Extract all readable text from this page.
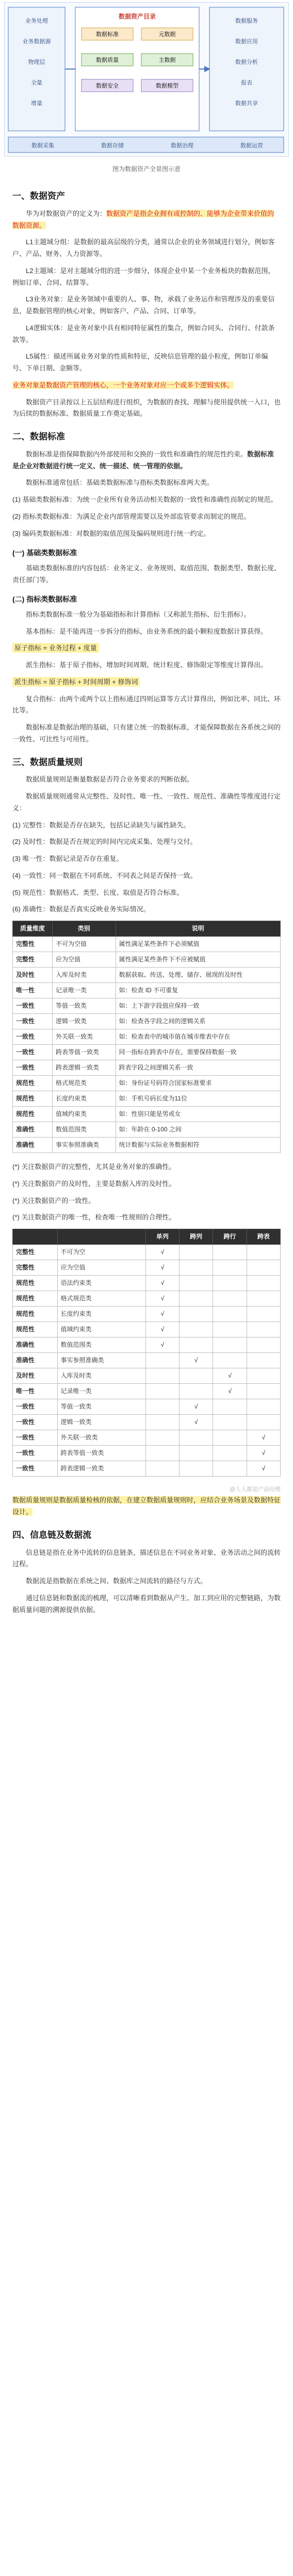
业务处理
业务数据源
物理层
全量
增量
数据资产目录
数据标准	元数据
数据质量	主数据
数据安全	数据模型
数据服务
数据应用
数据分析
报表
数据共享
数据采集	数据存储	数据治理	数据运营
图为数据资产全景图示意
一、数据资产

华为对数据资产的定义为：数据资产是指企业拥有或控制的、能够为企业带来价值的数据资源。

L1主题域分组：是数据的最高层级的分类，通常以企业的业务领域进行划分，例如客户、产品、财务、人力资源等。

L2主题域：是对主题域分组的进一步细分，体现企业中某一个业务板块的数据范围，例如订单、合同、结算等。

L3业务对象：是业务领域中重要的人、事、物，承载了业务运作和管理涉及的重要信息，是数据管理的核心对象，例如客户、产品、合同、订单等。

L4逻辑实体：是业务对象中具有相同特征属性的集合，例如合同头、合同行、付款条款等。

L5属性：描述所属业务对象的性质和特征，反映信息管理的最小粒度，例如订单编号、下单日期、金额等。

业务对象是数据资产管理的核心，一个业务对象对应一个或多个逻辑实体。

数据资产目录按以上五层结构进行组织，为数据的查找、理解与使用提供统一入口，也为后续的数据标准、数据质量工作奠定基础。

二、数据标准

数据标准是指保障数据内外部使用和交换的一致性和准确性的规范性约束。数据标准是企业对数据进行统一定义、统一描述、统一管理的依据。

数据标准通常包括：基础类数据标准与指标类数据标准两大类。

(1) 基础类数据标准：为统一企业所有业务活动相关数据的一致性和准确性而制定的规范。

(2) 指标类数据标准：为满足企业内部管理需要以及外部监管要求而制定的规范。

(3) 编码类数据标准：对数据的取值范围及编码规则进行统一约定。

(一) 基础类数据标准

基础类数据标准的内容包括：业务定义、业务规则、取值范围、数据类型、数据长度、责任部门等。

(二) 指标类数据标准

指标类数据标准一般分为基础指标和计算指标（又称派生指标、衍生指标）。

基本指标：是不能再进一步拆分的指标，由业务系统的最小颗粒度数据计算获得。

原子指标 = 业务过程 + 度量

派生指标：基于原子指标，增加时间周期、统计粒度、修饰限定等维度计算得出。

派生指标 = 原子指标 + 时间周期 + 修饰词

复合指标：由两个或两个以上指标通过四则运算等方式计算得出，例如比率、同比、环比等。

数据标准是数据治理的基础，只有建立统一的数据标准，才能保障数据在各系统之间的一致性、可比性与可用性。

三、数据质量规则

数据质量规则是衡量数据是否符合业务要求的判断依据。

数据质量规则通常从完整性、及时性、唯一性、一致性、规范性、准确性等维度进行定义：

(1) 完整性：数据是否存在缺失，包括记录缺失与属性缺失。

(2) 及时性：数据是否在规定的时间内完成采集、处理与交付。

(3) 唯一性：数据记录是否存在重复。

(4) 一致性：同一数据在不同系统、不同表之间是否保持一致。

(5) 规范性：数据格式、类型、长度、取值是否符合标准。

(6) 准确性：数据是否真实反映业务实际情况。

质量维度	类别	说明
完整性	不可为空值	属性满足某些条件下必须赋值
完整性	应为空值	属性满足某些条件下不应被赋值
及时性	入库及时类	数据获取、传送、处理、储存、展现的及时性
唯一性	记录唯一类	如：检查 ID 不可重复
一致性	等值一致类	如：上下游字段值应保持一致
一致性	逻辑一致类	如：检查各字段之间的逻辑关系
一致性	外关联一致类	如：检查表中的城市值在城市维表中存在
一致性	跨表等值一致类	同一指标在跨表中存在，需要保持数据一致
一致性	跨表逻辑一致类	跨表字段之间逻辑关系一致
规范性	格式规范类	如：身份证号码符合国家标准要求
规范性	长度约束类	如：手机号码长度为11位
规范性	值域约束类	如：性别只能是男或女
准确性	数值范围类	如：年龄在 0-100 之间
准确性	事实参照准确类	统计数据与实际业务数据相符

(*) 关注数据资产的完整性，尤其是业务对象的准确性。

(*) 关注数据资产的及时性，主要是数据入库的及时性。

(*) 关注数据资产的一致性。

(*) 关注数据资产的唯一性，检查唯一性规则的合理性。

		单列	跨列	跨行	跨表
完整性	不可为空	√			
完整性	应为空值	√			
规范性	语法约束类	√			
规范性	格式规范类	√			
规范性	长度约束类	√			
规范性	值域约束类	√			
准确性	数值范围类	√			
准确性	事实参照准确类		√		
及时性	入库及时类			√	
唯一性	记录唯一类			√	
一致性	等值一致类		√		
一致性	逻辑一致类		√		
一致性	外关联一致类				√
一致性	跨表等值一致类				√
一致性	跨表逻辑一致类				√
@人人都是产品经理

数据质量规则是数据质量检核的依据，在建立数据质量规则时，应结合业务场景及数据特征设计。

四、信息链及数据流

信息链是指在业务中流转的信息链条，描述信息在不同业务对象、业务活动之间的流转过程。

数据流是指数据在系统之间、数据库之间流转的路径与方式。

通过信息链和数据流的梳理，可以清晰看到数据从产生、加工到应用的完整链路，为数据质量问题的溯源提供依据。
